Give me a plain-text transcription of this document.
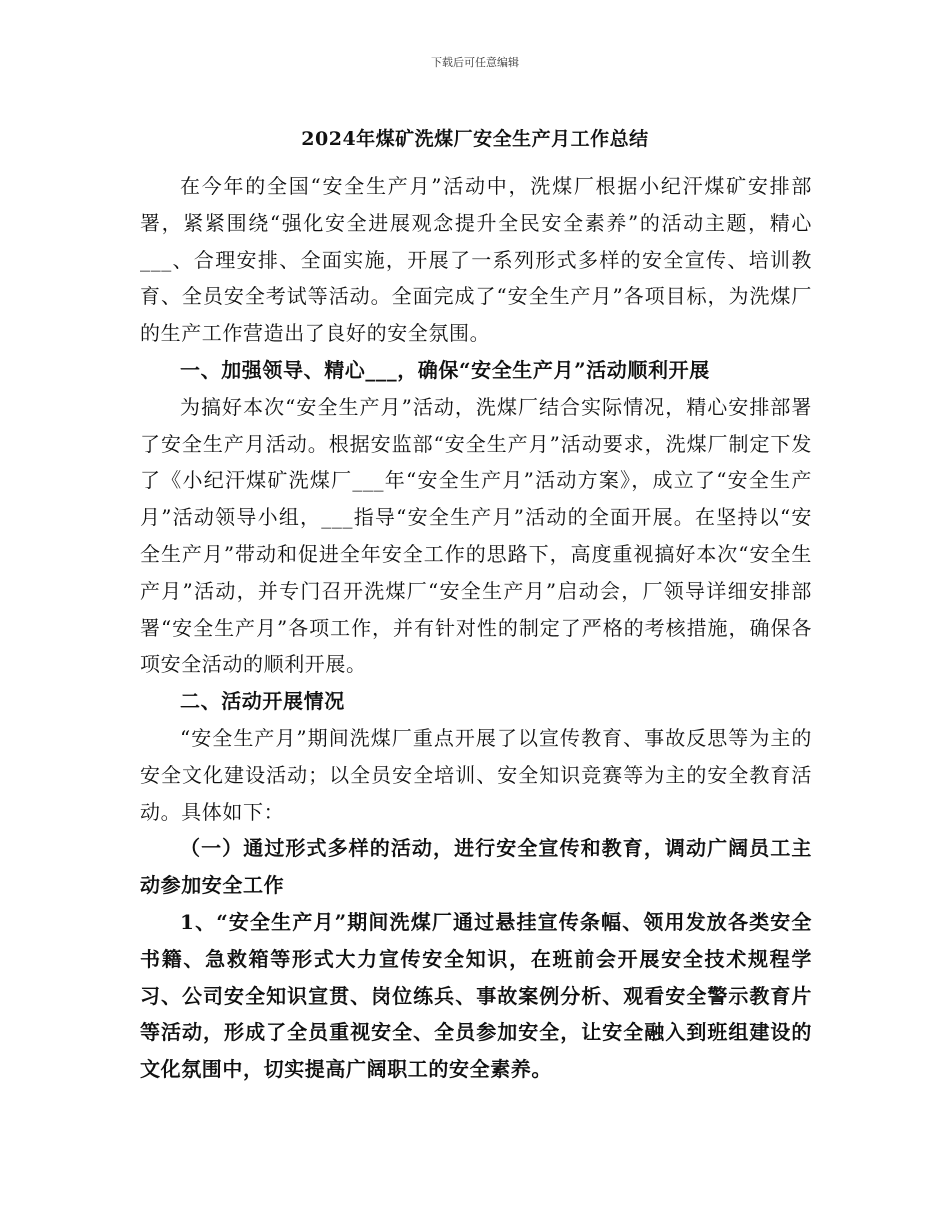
下载后可任意编辑
2024年煤矿洗煤厂安全生产月工作总结

在今年的全国“安全生产月”活动中，洗煤厂根据小纪汗煤矿安排部署，紧紧围绕“强化安全进展观念提升全民安全素养”的活动主题，精心___、合理安排、全面实施，开展了一系列形式多样的安全宣传、培训教育、全员安全考试等活动。全面完成了“安全生产月”各项目标，为洗煤厂的生产工作营造出了良好的安全氛围。

一、加强领导、精心___，确保“安全生产月”活动顺利开展

为搞好本次“安全生产月”活动，洗煤厂结合实际情况，精心安排部署了安全生产月活动。根据安监部“安全生产月”活动要求，洗煤厂制定下发了《小纪汗煤矿洗煤厂___年“安全生产月”活动方案》，成立了“安全生产月”活动领导小组，___指导“安全生产月”活动的全面开展。在坚持以“安全生产月”带动和促进全年安全工作的思路下，高度重视搞好本次“安全生产月”活动，并专门召开洗煤厂“安全生产月”启动会，厂领导详细安排部署“安全生产月”各项工作，并有针对性的制定了严格的考核措施，确保各项安全活动的顺利开展。

二、活动开展情况

“安全生产月”期间洗煤厂重点开展了以宣传教育、事故反思等为主的安全文化建设活动；以全员安全培训、安全知识竞赛等为主的安全教育活动。具体如下：

（一）通过形式多样的活动，进行安全宣传和教育，调动广阔员工主动参加安全工作

1、“安全生产月”期间洗煤厂通过悬挂宣传条幅、领用发放各类安全书籍、急救箱等形式大力宣传安全知识，在班前会开展安全技术规程学习、公司安全知识宣贯、岗位练兵、事故案例分析、观看安全警示教育片等活动，形成了全员重视安全、全员参加安全，让安全融入到班组建设的文化氛围中，切实提高广阔职工的安全素养。
